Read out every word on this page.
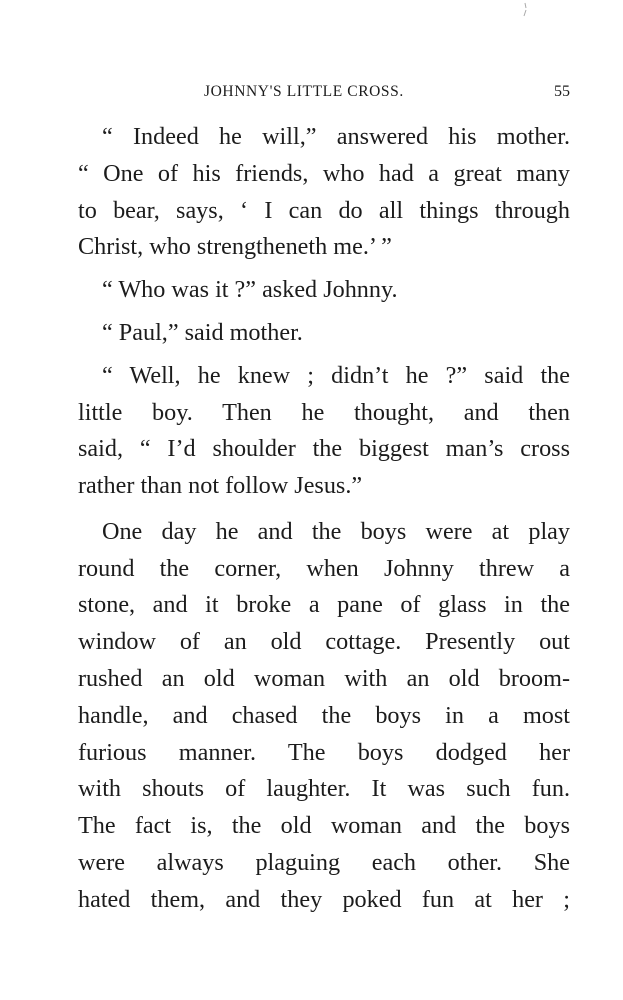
JOHNNY'S LITTLE CROSS.	55
“ Indeed he will,” answered his mother.
“ One of his friends, who had a great many
to bear, says, ‘ I can do all things through
Christ, who strengtheneth me.’ ”
“ Who was it ?” asked Johnny.
“ Paul,” said mother.
“ Well, he knew ; didn’t he ?” said the
little boy. Then he thought, and then
said, “ I’d shoulder the biggest man’s cross
rather than not follow Jesus.”
One day he and the boys were at play
round the corner, when Johnny threw a
stone, and it broke a pane of glass in the
window of an old cottage. Presently out
rushed an old woman with an old broom-
handle, and chased the boys in a most
furious manner. The boys dodged her
with shouts of laughter. It was such fun.
The fact is, the old woman and the boys
were always plaguing each other. She
hated them, and they poked fun at her ;
